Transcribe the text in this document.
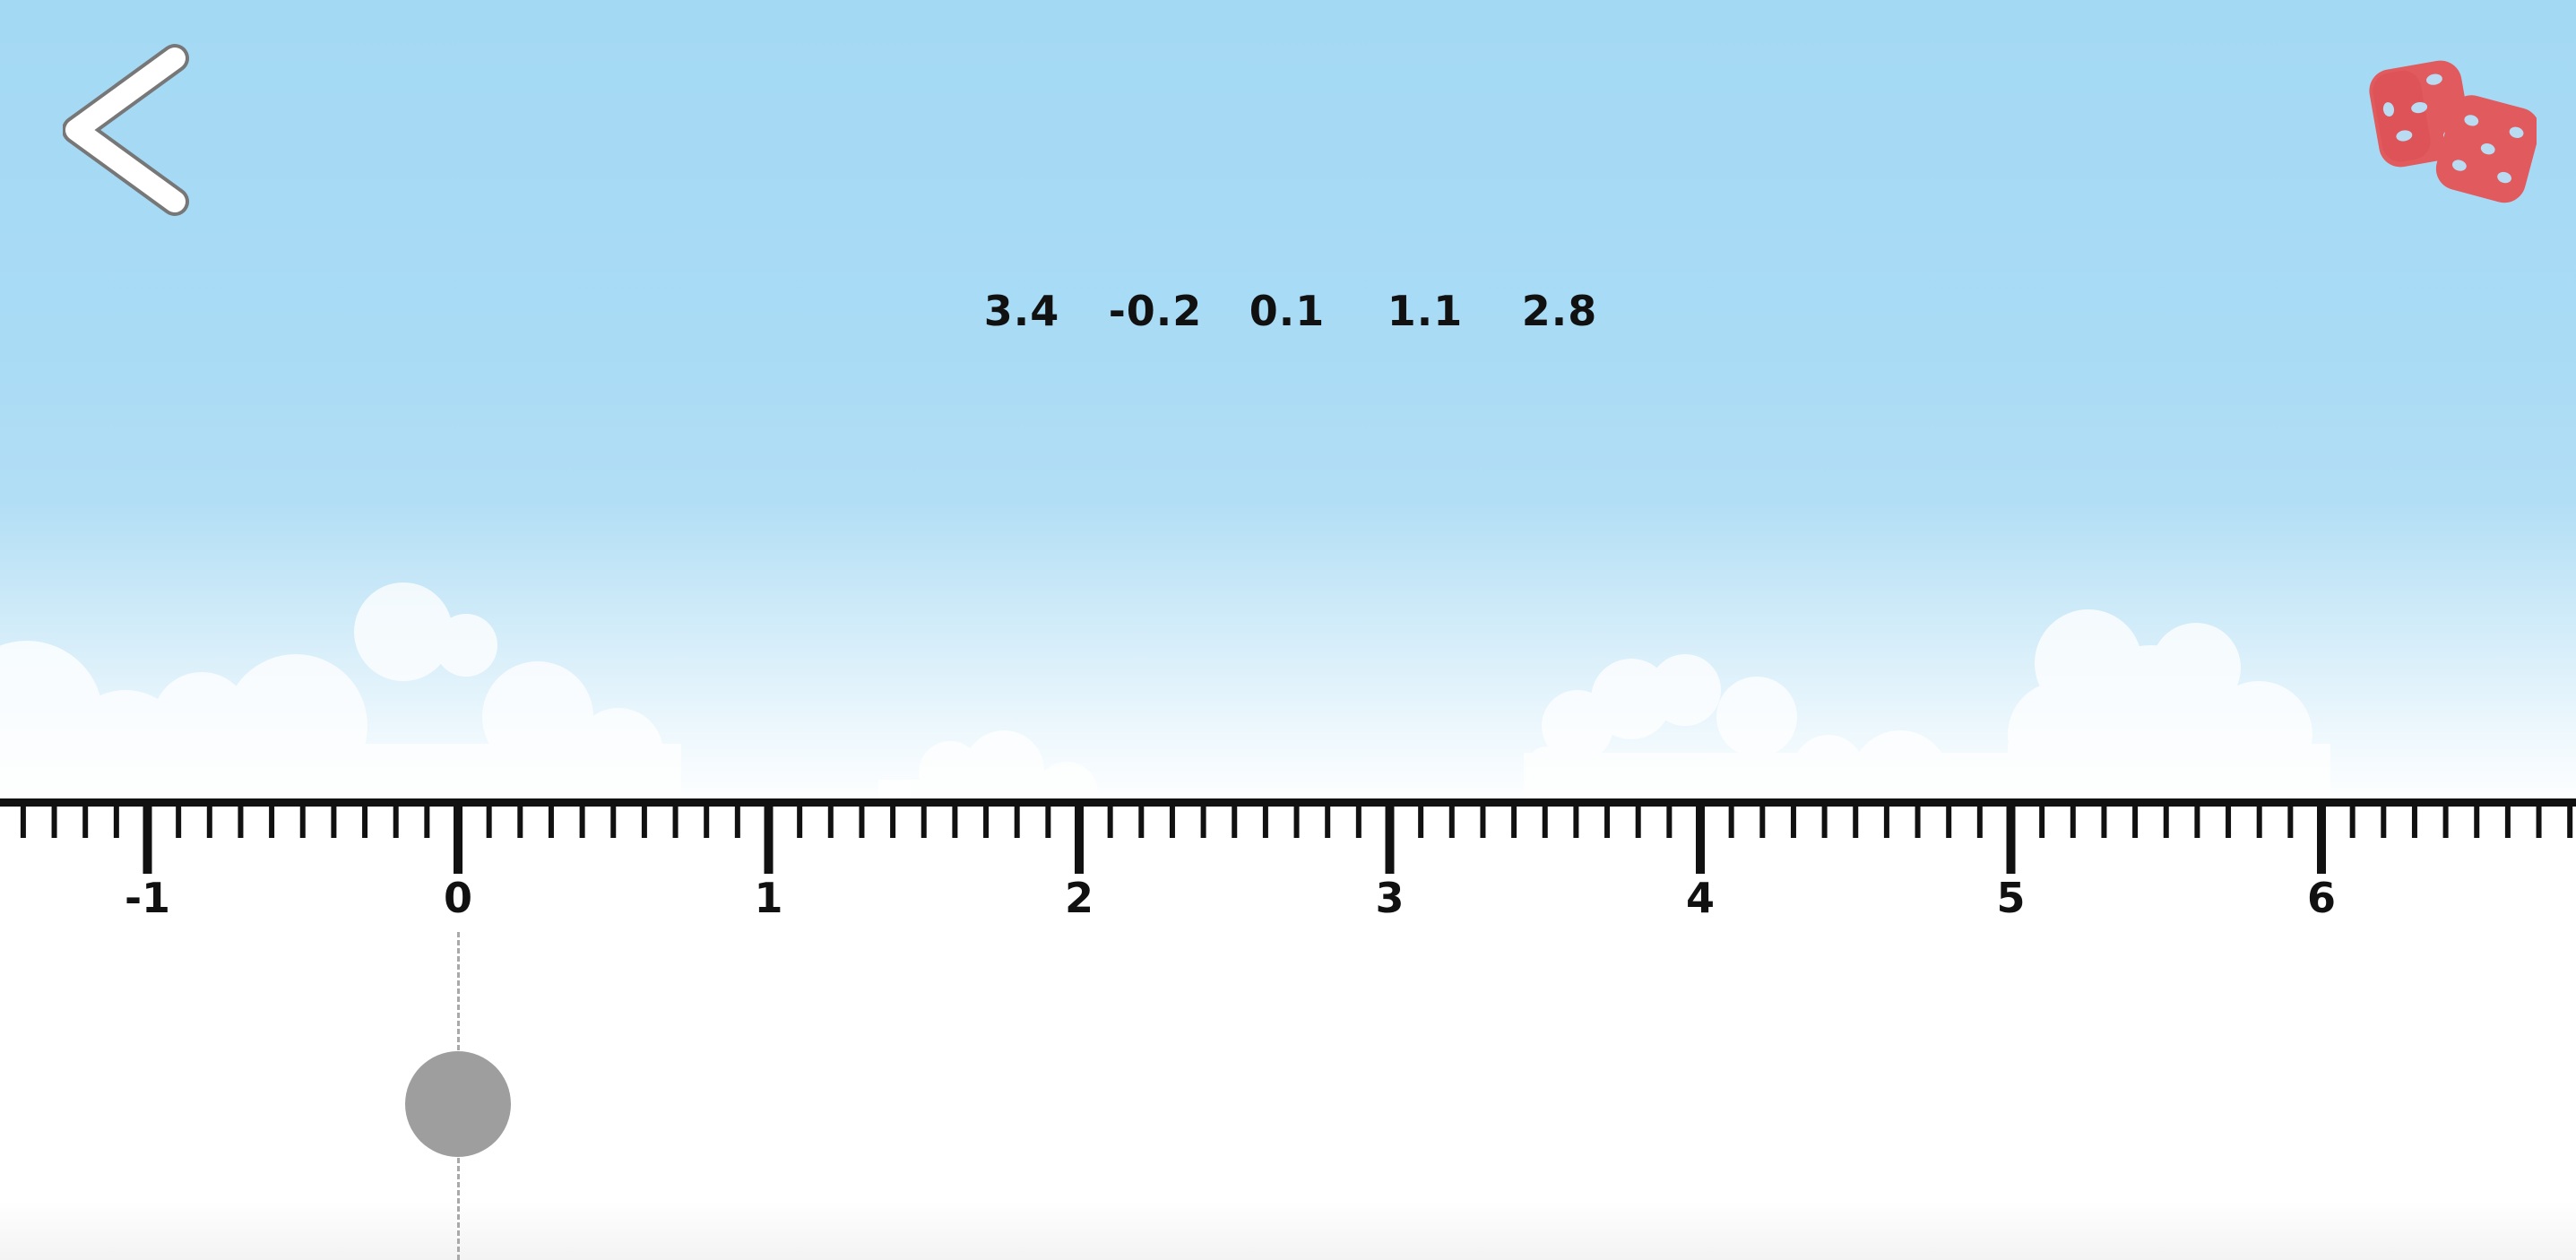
3.4 -0.2 0.1 1.1 2.8
-1	0	1	2	3	4	5	6
